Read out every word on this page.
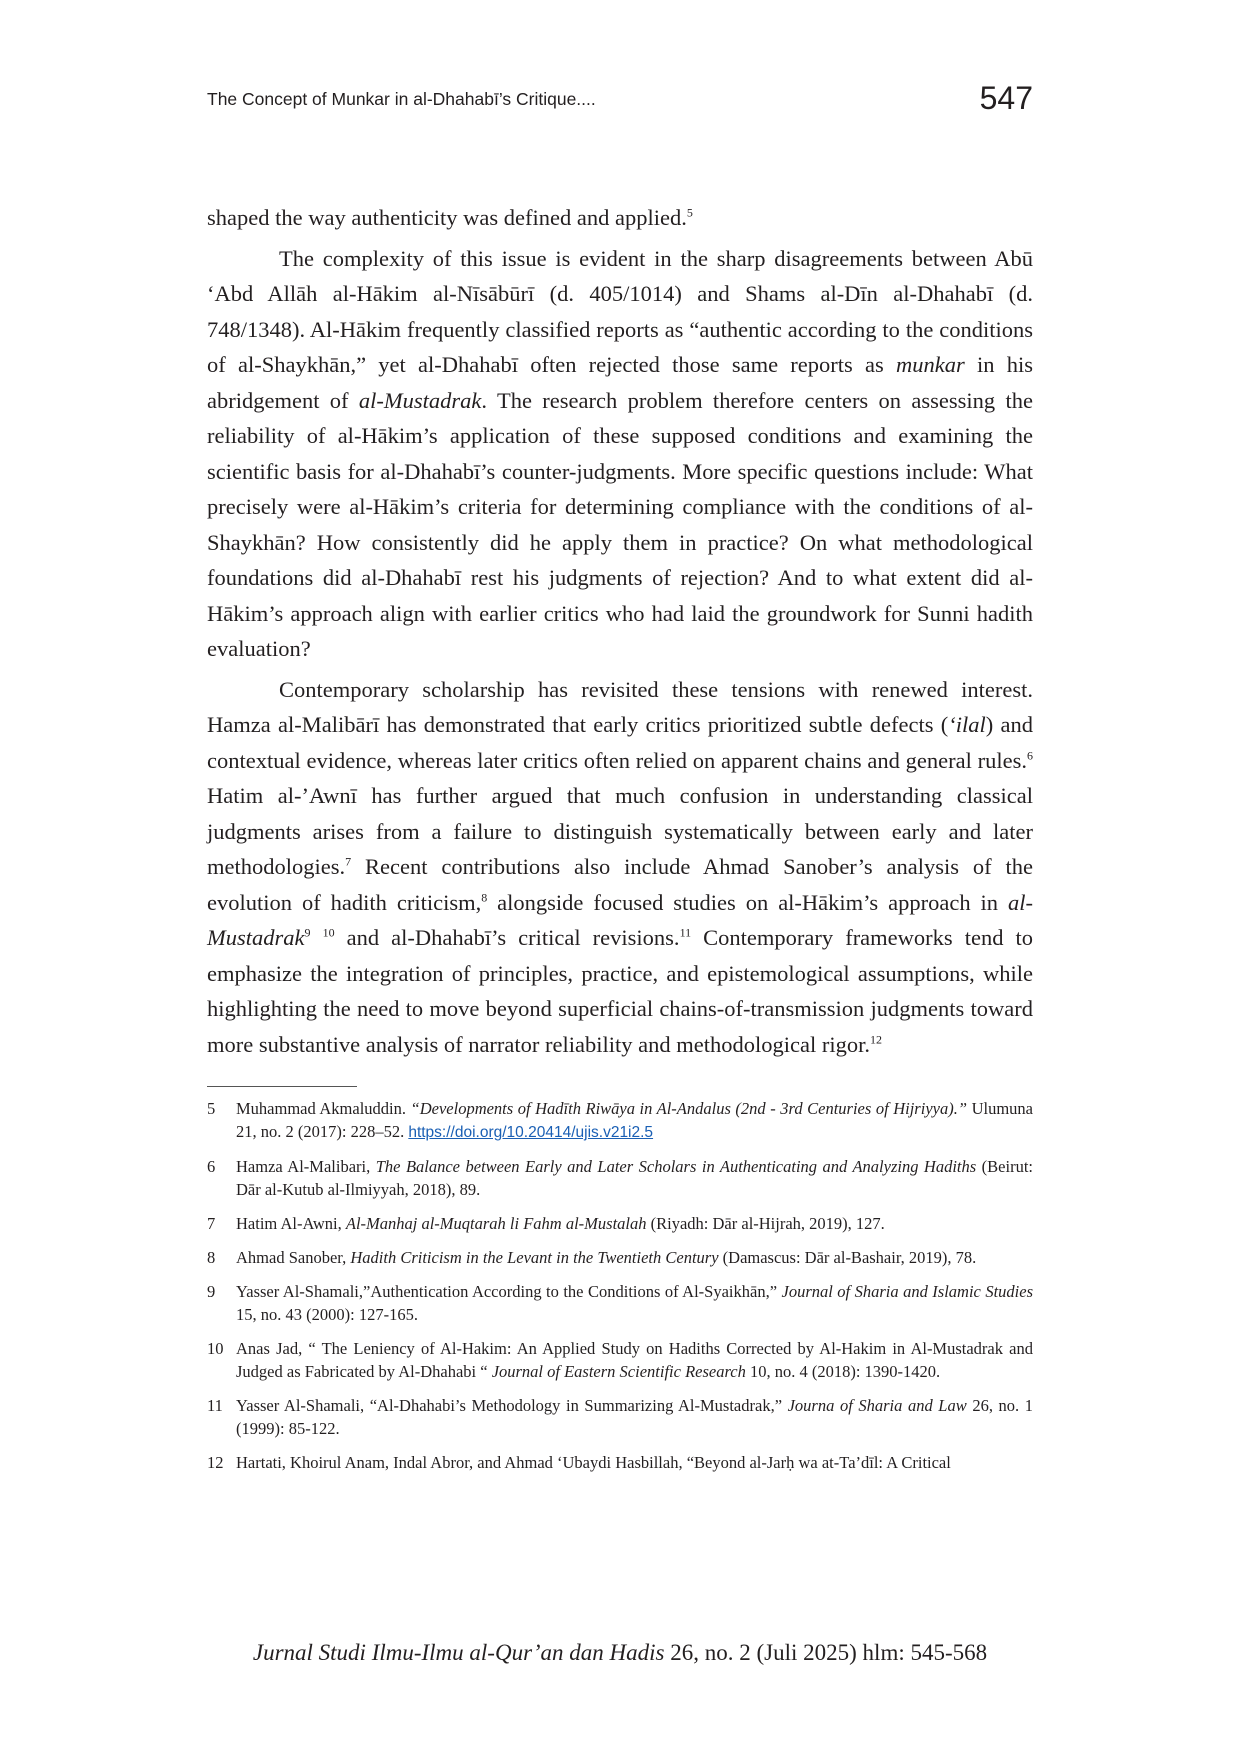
The Concept of Munkar in al-Dhahabī’s Critique....	547

shaped the way authenticity was defined and applied.$^5$

The complexity of this issue is evident in the sharp disagreements between Abū ‘Abd Allāh al-Hākim al-Nīsābūrī (d. 405/1014) and Shams al-Dīn al-Dhahabī (d. 748/1348). Al-Hākim frequently classified reports as “authentic according to the conditions of al-Shaykhān,” yet al-Dhahabī often rejected those same reports as munkar in his abridgement of al-Mustadrak. The research problem therefore centers on assessing the reliability of al-Hākim’s application of these supposed conditions and examining the scientific basis for al-Dhahabī’s counter-judgments. More specific questions include: What precisely were al-Hākim’s criteria for determining compliance with the conditions of al-Shaykhān? How consistently did he apply them in practice? On what methodological foundations did al-Dhahabī rest his judgments of rejection? And to what extent did al-Hākim’s approach align with earlier critics who had laid the groundwork for Sunni hadith evaluation?

Contemporary scholarship has revisited these tensions with renewed interest. Hamza al-Malibārī has demonstrated that early critics prioritized subtle defects (‘ilal) and contextual evidence, whereas later critics often relied on apparent chains and general rules.$^6$ Hatim al-’Awnī has further argued that much confusion in understanding classical judgments arises from a failure to distinguish systematically between early and later methodologies.$^7$ Recent contributions also include Ahmad Sanober’s analysis of the evolution of hadith criticism,$^8$ alongside focused studies on al-Hākim’s approach in al-Mustadrak$^9$ $^{10}$ and al-Dhahabī’s critical revisions.$^{11}$ Contemporary frameworks tend to emphasize the integration of principles, practice, and epistemological assumptions, while highlighting the need to move beyond superficial chains-of-transmission judgments toward more substantive analysis of narrator reliability and methodological rigor.$^{12}$

5	Muhammad Akmaluddin. “Developments of Hadīth Riwāya in Al-Andalus (2nd - 3rd Centuries of Hijriyya).” Ulumuna 21, no. 2 (2017): 228–52. https://doi.org/10.20414/ujis.v21i2.5
6	Hamza Al-Malibari, The Balance between Early and Later Scholars in Authenticating and Analyzing Hadiths (Beirut: Dār al-Kutub al-Ilmiyyah, 2018), 89.
7	Hatim Al-Awni, Al-Manhaj al-Muqtarah li Fahm al-Mustalah (Riyadh: Dār al-Hijrah, 2019), 127.
8	Ahmad Sanober, Hadith Criticism in the Levant in the Twentieth Century (Damascus: Dār al-Bashair, 2019), 78.
9	Yasser Al-Shamali,”Authentication According to the Conditions of Al-Syaikhān,” Journal of Sharia and Islamic Studies 15, no. 43 (2000): 127-165.
10 Anas Jad, “ The Leniency of Al-Hakim: An Applied Study on Hadiths Corrected by Al-Hakim in Al-Mustadrak and Judged as Fabricated by Al-Dhahabi “ Journal of Eastern Scientific Research 10, no. 4 (2018): 1390-1420.
11 Yasser Al-Shamali, “Al-Dhahabi’s Methodology in Summarizing Al-Mustadrak,” Journa of Sharia and Law 26, no. 1 (1999): 85-122.
12 Hartati, Khoirul Anam, Indal Abror, and Ahmad ‘Ubaydi Hasbillah, “Beyond al-Jarḥ wa at-Ta’dīl: A Critical
Jurnal Studi Ilmu-Ilmu al-Qur’an dan Hadis 26, no. 2 (Juli 2025) hlm: 545-568
